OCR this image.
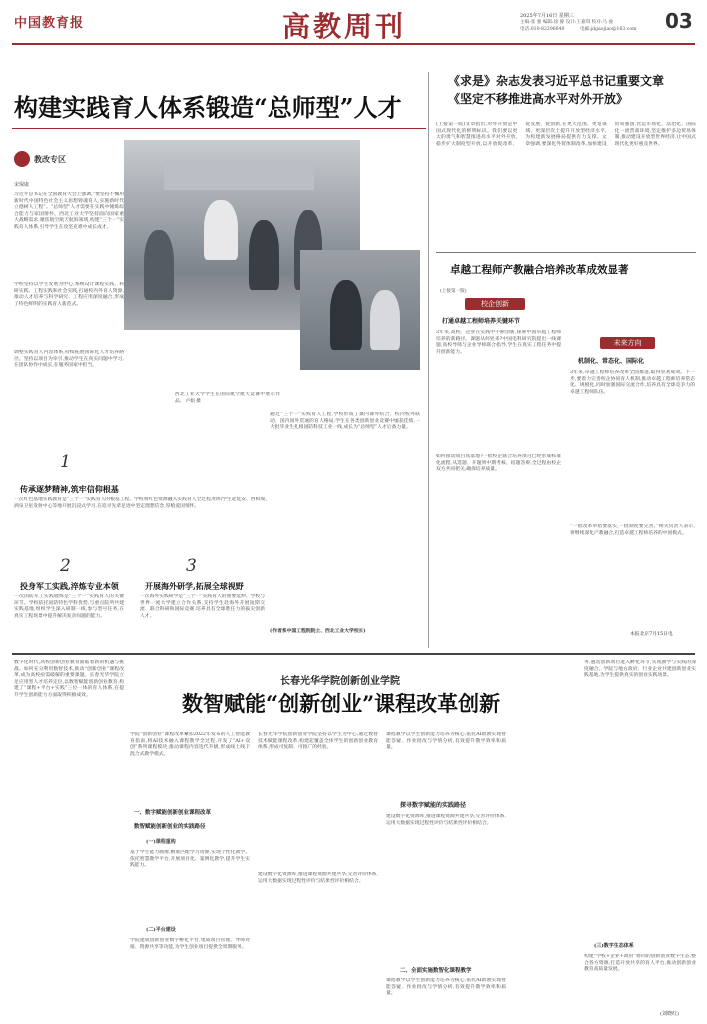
中国教育报	高教周刊	2025年7月16日 星期三
主编:张 强 编辑:徐 静 设计:王嘉琪 校对:马 骏
电话:010-82296649	电邮:jdgaojiao@163.com 03
构建实践育人体系锻造“总师型”人才
教改专区
宋保康
习近平总书记在全国教育大会上强调,“要坚持不懈用新时代中国特色社会主义思想铸魂育人,实施新时代立德树人工程”。“总师型”人才需要在实践中锤炼综合能力与家国情怀。西北工业大学坚持面向国家重大战略需求,聚焦航空航天航海领域,构建“三个一”实践育人体系,引导学生在攻坚克难中成长成才。
学校坚持以学生发展为中心,系统设计课程实践、科研实践、工程实践和社会实践,打通校内外育人资源,推动人才培养与科学研究、工程应用深度融合,形成了特色鲜明的实践育人新范式。
调整实践育人内容体系,持续拓展国际化人才培养路径。坚持以项目为牵引,推动学生在真实问题中学习,在团队协作中成长,在服务国家中担当。
西北工业大学学生在国际航空航天竞赛中展示作品。 卢娟 摄
通过“三个一”实践育人工程,学校形成了课内课外结合、校内校外联动、国内国外贯通的育人格局,学生在各类创新创业竞赛中屡获佳绩,一大批毕业生扎根国防科技工业一线,成长为“总师型”人才后备力量。
1
传承逐梦精神,筑牢信仰根基
一次红色基地实践教育是“三个一”实践育人的根基工程。学校将红色资源融入实践育人全过程,组织学生赴延安、西柏坡、酒泉卫星发射中心等地开展沉浸式学习,在追寻先辈足迹中坚定理想信念,厚植爱国情怀。
2
投身军工实践,淬炼专业本领
一次国防军工实践锻炼是“三个一”实践育人的关键环节。学校依托国防特色学科优势,与重点院所共建实践基地,组织学生深入研制一线,参与型号任务,在真实工程场景中提升解决复杂问题的能力。
3
开展海外研学,拓展全球视野
一次海外实践研学是“三个一”实践育人的重要延伸。学校与世界一流大学建立合作关系,支持学生赴海外开展短期交流、联合科研和国际竞赛,培养具有全球胜任力的拔尖创新人才。
(作者系中国工程院院士、西北工业大学校长)
《求是》杂志发表习近平总书记重要文章
《坚定不移推进高水平对外开放》
(上接第一版)文章指出,对外开放是中国式现代化的鲜明标识。我们要以更大的勇气和智慧推进高水平对外开放,稳步扩大制度型开放,以开放促改革、促发展、促创新,在更大范围、更宽领域、更深层次上提升开放型经济水平,为构建新发展格局提供有力支撑。文章强调,要深化外贸体制改革,加快建设贸易强国,营造市场化、法治化、国际化一流营商环境,坚定维护多边贸易体制,推动建设开放型世界经济,让中国式现代化更好惠及世界。
卓越工程师产教融合培养改革成效显著
(上接第一版)
校企创新
打通卓越工程师培养关键环节
3年来,高校、企业在实践中不断创新,探索中国卓越工程师培养的新路径。课题从何处来?中国电科研究院提出一线课题,高校导师与企业导师联合指导,学生在真实工程任务中提升创新能力。
如何推动项目真落地?一批校企联合培养项目已经形成标准化流程,从选题、开题到中期考核、结题答辩,全过程由校企双方共同把关,确保培养质量。
未来方向
机制化、常态化、国际化
3年来,卓越工程师培养改革全面推进,取得显著成效。下一步,要着力完善校企协同育人机制,推动卓越工程师培养常态化、规模化,同时加强国际交流合作,培养具有全球竞争力的卓越工程师队伍。
“一批改革举措要落实,一批制度要完善。”相关负责人表示,将继续深化产教融合,打造卓越工程师培养的中国模式。
本报北京7月15日电
数字化时代,高校创新创业教育面临着新的机遇与挑战。如何充分利用数智技术,推动“创新创业”课程改革,成为高校亟需破解的重要课题。长春光华学院立足应用型人才培养定位,以数智赋能创新创业教育,构建了“课程+平台+实践”三位一体的育人体系,在提升学生创新能力方面取得积极成效。
长春光华学院创新创业学院
数智赋能“创新创业”课程改革创新
学院“创新创业”课程改革紧扣2022年发布的人工智能教育指南,将AI技术融入课程教学全过程,开发了“AI+双创”系列课程模块,推动课程内容迭代升级,形成线上线下混合式教学模式。
一、数字赋能创新创业课程改革
数智赋能创新创业的实践路径
(一)课程重构
基于学生能力画像,精准匹配学习资源,实现个性化教学。依托智慧教学平台,开展项目化、案例化教学,提升学生实践能力。
(二)平台建设
学院建成创新创业数字孵化平台,集成项目管理、导师对接、资源共享等功能,为学生创业项目提供全周期服务。
长春光华学院创新创业学院坚持以学生为中心,通过数智技术赋能课程改革,构建起覆盖全体学生的创新创业教育体系,形成可复制、可推广的经验。
建设数字化资源库,推进课程资源共建共享;完善评价体系,运用大数据实现过程性评价与结果性评价相结合。
探寻数字赋能的实践路径
二、全面实施数智化课程教学
课程教学以学生创新能力培养为核心,依托AI助教实现智能答疑、作业批改与学情分析,有效提升教学效率和质量。
建设数字化资源库,推进课程资源共建共享;完善评价体系,运用大数据实现过程性评价与结果性评价相结合。
课程教学以学生创新能力培养为核心,依托AI助教实现智能答疑、作业批改与学情分析,有效提升教学效率和质量。
务,遴选创新项目进入孵化环节,实现教学与实践的深度融合。学院与地方政府、行业企业共建创新创业实践基地,为学生提供真实的创业实践场景。
(三)数字生态体系
构建“学校+企业+政府”协同的创新创业数字生态,整合各方资源,打造开放共享的育人平台,推动创新创业教育高质量发展。
(刘晓红)
